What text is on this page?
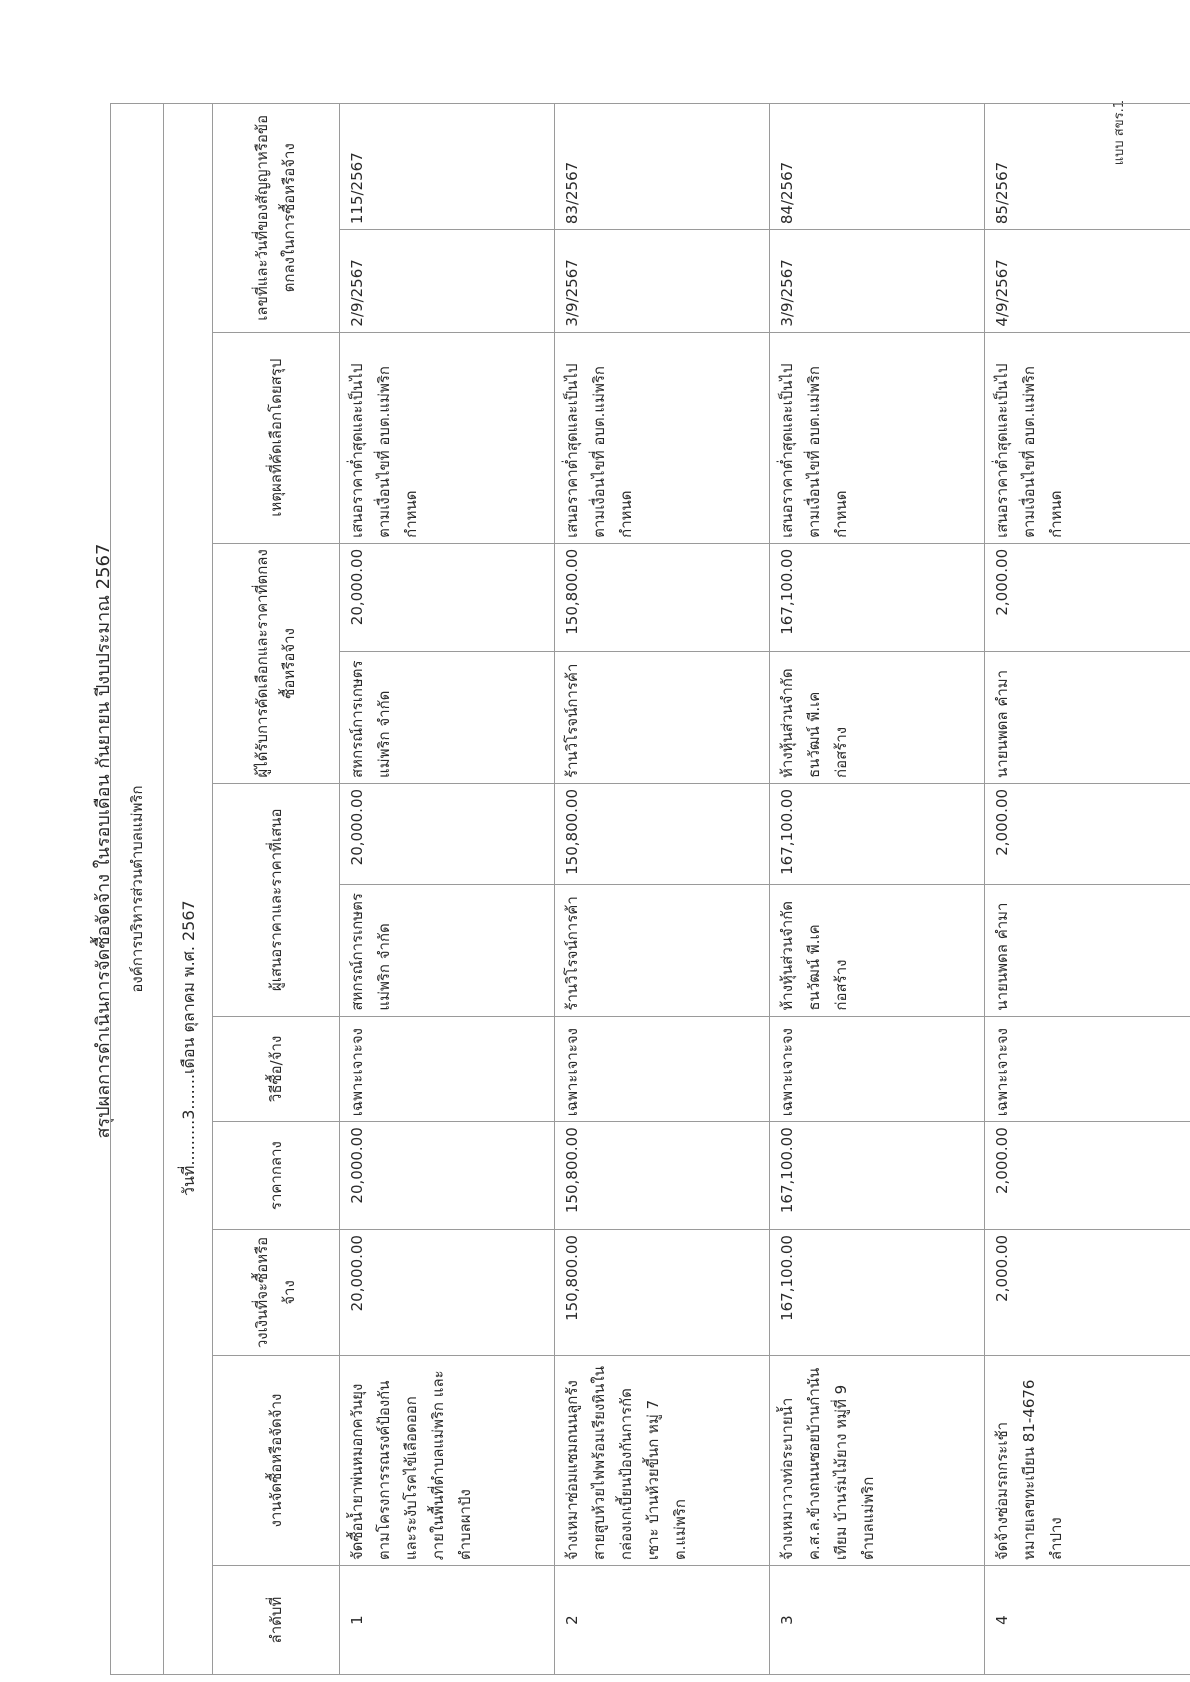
แบบ สขร.1
สรุปผลการดำเนินการจัดซื้อจัดจ้าง ในรอบเดือน กันยายน ปีงบประมาณ 2567 องค์การบริหารส่วนตำบลแม่พริก											
วันที่.........3.......เดือน ตุลาคม พ.ศ. 2567											
ลำดับที่	งานจัดซื้อหรือจัดจ้าง	วงเงินที่จะซื้อหรือจ้าง	ราคากลาง	วิธีซื้อ/จ้าง	ผู้เสนอราคาและราคาที่เสนอ		ผู้ได้รับการคัดเลือกและราคาที่ตกลงซื้อหรือจ้าง		เหตุผลที่คัดเลือกโดยสรุป	เลขที่และวันที่ของสัญญาหรือข้อตกลงในการซื้อหรือจ้าง	
1	จัดซื้อน้ำยาพ่นหมอกควันยุงตามโครงการรณรงค์ป้องกันและระงับโรคไข้เลือดออกภายในพื้นที่ตำบลแม่พริก และตำบลผาปัง	20,000.00	20,000.00	เฉพาะเจาะจง	สหกรณ์การเกษตรแม่พริก จำกัด	20,000.00	สหกรณ์การเกษตรแม่พริก จำกัด	20,000.00	เสนอราคาต่ำสุดและเป็นไปตามเงื่อนไขที่ อบต.แม่พริกกำหนด	2/9/2567	115/2567
2	จ้างเหมาซ่อมแซมถนนลูกรังสายสูบห้วยไฟพร้อมเรียงหินในกล่องเกเบี้ยนป้องกันการกัดเซาะ บ้านห้วยขี้นก หมู่ 7 ต.แม่พริก	150,800.00	150,800.00	เฉพาะเจาะจง	ร้านวิโรจน์การค้า	150,800.00	ร้านวิโรจน์การค้า	150,800.00	เสนอราคาต่ำสุดและเป็นไปตามเงื่อนไขที่ อบต.แม่พริกกำหนด	3/9/2567	83/2567
3	จ้างเหมาวางท่อระบายน้ำ ค.ส.ล.ข้างถนนซอยบ้านกำนันเทียม บ้านร่มไม้ยาง หมู่ที่ 9 ตำบลแม่พริก	167,100.00	167,100.00	เฉพาะเจาะจง	ห้างหุ้นส่วนจำกัด ธนวัฒน์ พี.เค ก่อสร้าง	167,100.00	ห้างหุ้นส่วนจำกัด ธนวัฒน์ พี.เค ก่อสร้าง	167,100.00	เสนอราคาต่ำสุดและเป็นไปตามเงื่อนไขที่ อบต.แม่พริกกำหนด	3/9/2567	84/2567
4	จัดจ้างซ่อมรถกระเช้า หมายเลขทะเบียน 81-4676 ลำปาง	2,000.00	2,000.00	เฉพาะเจาะจง	นายนพดล คำมา	2,000.00	นายนพดล คำมา	2,000.00	เสนอราคาต่ำสุดและเป็นไปตามเงื่อนไขที่ อบต.แม่พริกกำหนด	4/9/2567	85/2567
